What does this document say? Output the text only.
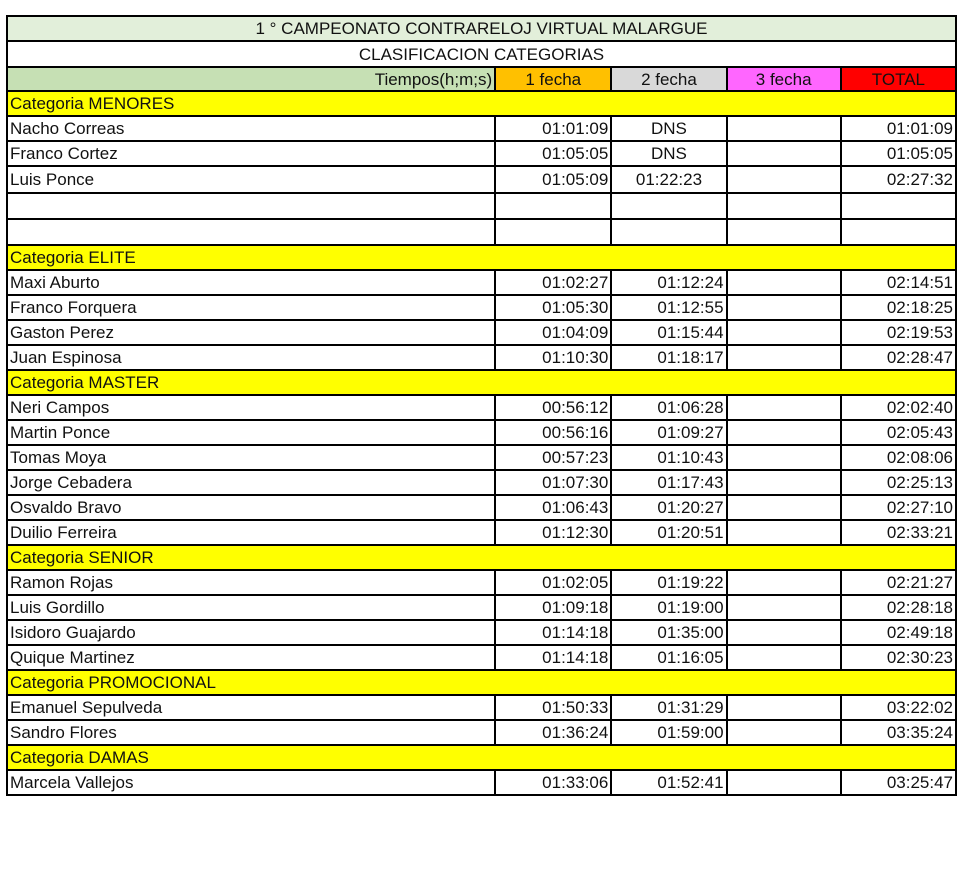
1 ° CAMPEONATO CONTRARELOJ VIRTUAL MALARGUE				
CLASIFICACION CATEGORIAS				
Tiempos(h;m;s)	1 fecha	2 fecha	3 fecha	TOTAL
Categoria MENORES				
Nacho Correas	01:01:09	DNS		01:01:09
Franco Cortez	01:05:05	DNS		01:05:05
Luis Ponce	01:05:09	01:22:23		02:27:32

Categoria ELITE				
Maxi Aburto	01:02:27	01:12:24		02:14:51
Franco Forquera	01:05:30	01:12:55		02:18:25
Gaston Perez	01:04:09	01:15:44		02:19:53
Juan Espinosa	01:10:30	01:18:17		02:28:47
Categoria MASTER				
Neri Campos	00:56:12	01:06:28		02:02:40
Martin Ponce	00:56:16	01:09:27		02:05:43
Tomas Moya	00:57:23	01:10:43		02:08:06
Jorge Cebadera	01:07:30	01:17:43		02:25:13
Osvaldo Bravo	01:06:43	01:20:27		02:27:10
Duilio Ferreira	01:12:30	01:20:51		02:33:21
Categoria SENIOR				
Ramon Rojas	01:02:05	01:19:22		02:21:27
Luis Gordillo	01:09:18	01:19:00		02:28:18
Isidoro Guajardo	01:14:18	01:35:00		02:49:18
Quique Martinez	01:14:18	01:16:05		02:30:23
Categoria PROMOCIONAL				
Emanuel Sepulveda	01:50:33	01:31:29		03:22:02
Sandro Flores	01:36:24	01:59:00		03:35:24
Categoria DAMAS				
Marcela Vallejos	01:33:06	01:52:41		03:25:47
